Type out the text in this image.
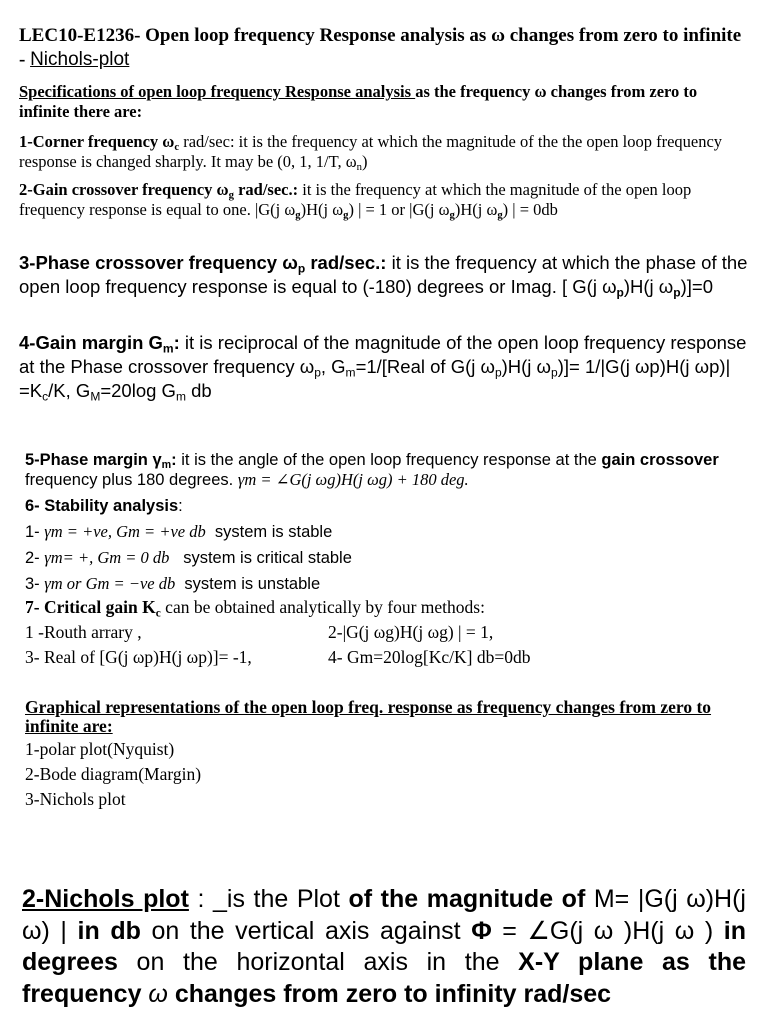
LEC10-E1236- Open loop frequency Response analysis as ω changes from zero to infinite - Nichols-plot
Specifications of open loop frequency Response analysis as the frequency ω changes from zero to infinite there are:
1-Corner frequency $\omega_c$ rad/sec: it is the frequency at which the magnitude of the the open loop frequency response is changed sharply. It may be (0, 1, 1/T, $\omega_n$)
2-Gain crossover frequency $\omega_g$ rad/sec.: it is the frequency at which the magnitude of the open loop frequency response is equal to one. |G(j $\omega_g)H(j$ $\omega_g$) | = 1 or |G(j $\omega_g)H(j$ $\omega_g$) | = 0db
3-Phase crossover frequency $\omega_p$ rad/sec.: it is the frequency at which the phase of the open loop frequency response is equal to (-180) degrees or Imag. [ G(j $\omega_p)H(j$ $\omega_p)]=0$
4-Gain margin $G_m$: it is reciprocal of the magnitude of the open loop frequency response at the Phase crossover frequency $\omega_p$, $G_m=1/[Real$ of G(j $\omega_p)H(j$ $\omega_p)]= 1/|G(j$ ωp)H(j $\omega p)| =K_c/K$, $G_M=20\log$ $G_m$ db
5-Phase margin $\gamma_m$: it is the angle of the open loop frequency response at the gain crossover frequency plus 180 degrees. γm = ∠G(j ωg)H(j ωg) + 180 deg.
6- Stability analysis:
1- γm = +ve, Gm = +ve db system is stable
2- γm= +, Gm = 0 db system is critical stable
3- γm or Gm = −ve db system is unstable
7- Critical gain $K_c$ can be obtained analytically by four methods:
1 -Routh arrary ,	2-|G(j ωg)H(j ωg) | = 1,
3- Real of [G(j ωp)H(j ωp)]= -1,	4- Gm=20log[Kc/K] db=0db
Graphical representations of the open loop freq. response as frequency changes from zero to infinite are:
1-polar plot(Nyquist)
2-Bode diagram(Margin)
3-Nichols plot
2-Nichols plot : _is the Plot of the magnitude of M= |G(j ω)H(j ω) | in db on the vertical axis against Φ = ∠G(j ω )H(j ω ) in degrees on the horizontal axis in the X-Y plane as the frequency ω changes from zero to infinity rad/sec
